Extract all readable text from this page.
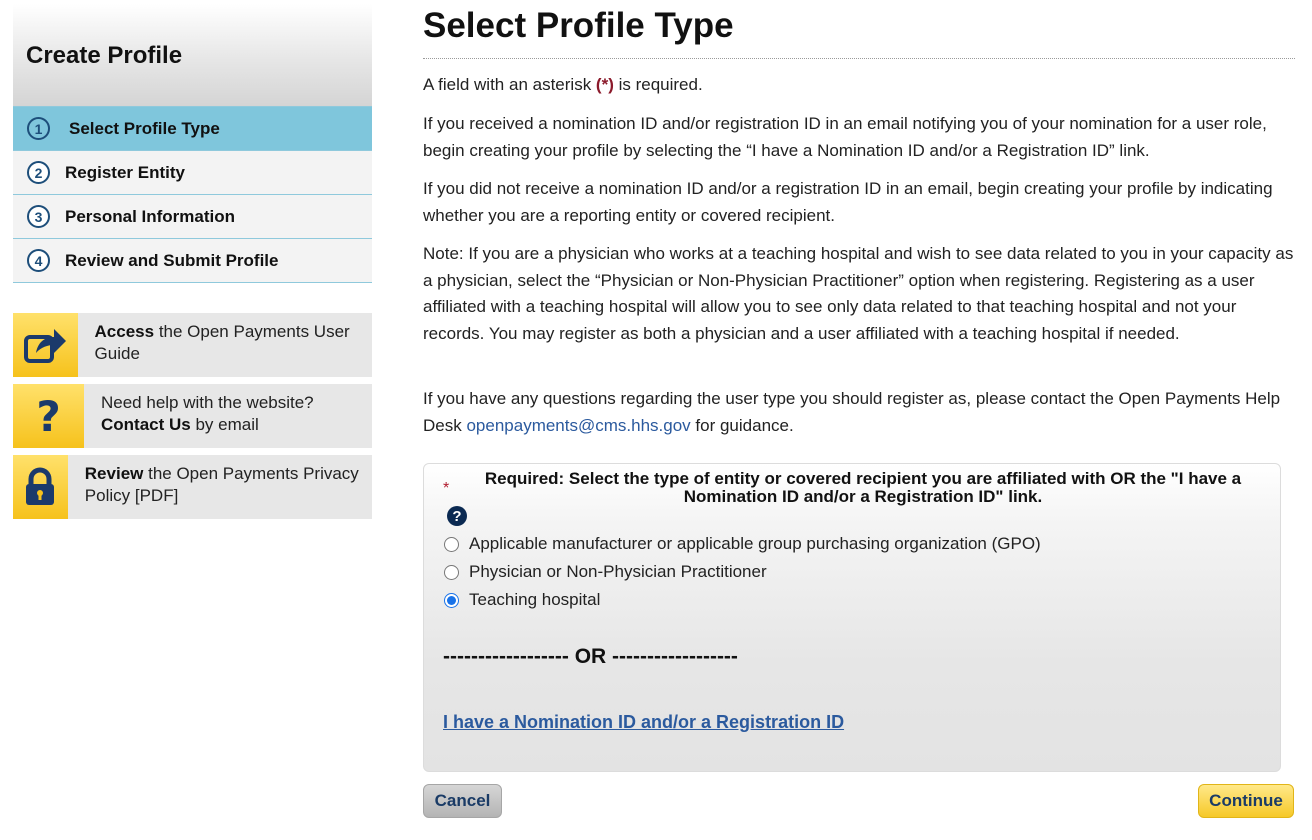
Create Profile
1	Select Profile Type
2	Register Entity
3	Personal Information
4	Review and Submit Profile
Access the Open Payments User Guide
?	Need help with the website?
Contact Us by email
Review the Open Payments Privacy Policy [PDF]
Select Profile Type

A field with an asterisk (*) is required.

If you received a nomination ID and/or registration ID in an email notifying you of your nomination for a user role, begin creating your profile by selecting the “I have a Nomination ID and/or a Registration ID” link.

If you did not receive a nomination ID and/or a registration ID in an email, begin creating your profile by indicating whether you are a reporting entity or covered recipient.

Note: If you are a physician who works at a teaching hospital and wish to see data related to you in your capacity as a physician, select the “Physician or Non-Physician Practitioner” option when registering. Registering as a user affiliated with a teaching hospital will allow you to see only data related to that teaching hospital and not your records. You may register as both a physician and a user affiliated with a teaching hospital if needed.

If you have any questions regarding the user type you should register as, please contact the Open Payments Help Desk openpayments@cms.hhs.gov for guidance.

*
Required: Select the type of entity or covered recipient you are affiliated with OR the "I have a Nomination ID and/or a Registration ID" link.
?
Applicable manufacturer or applicable group purchasing organization (GPO)
Physician or Non-Physician Practitioner
Teaching hospital
------------------ OR ------------------
I have a Nomination ID and/or a Registration ID
Cancel	Continue
